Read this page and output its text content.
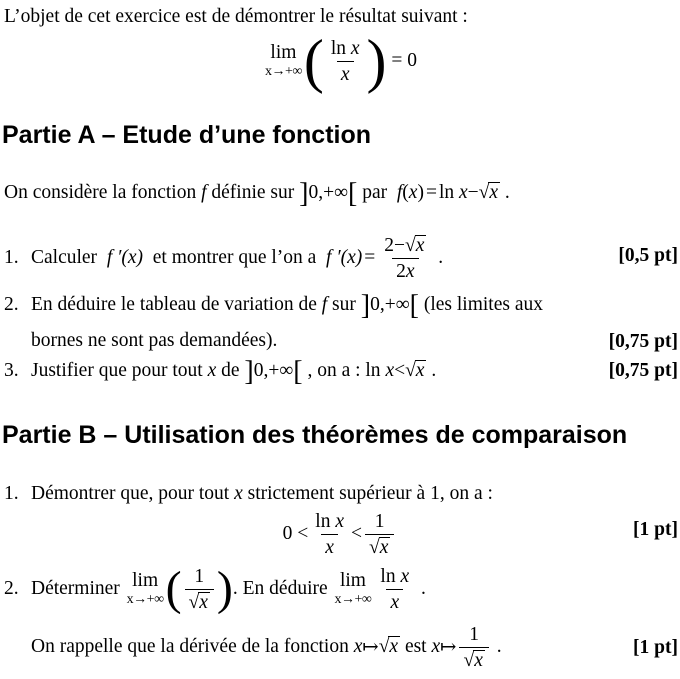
L’objet de cet exercice est de démontrer le résultat suivant :
lim
x→+∞ ( $\frac{\text{ln x}}{x}$ ) = 0
Partie A – Etude d’une fonction
On considère la fonction f définie sur ]0,+∞[ par f ( x ) = ln x − √x .
1. Calculer f ′(x) et montrer que l’on a f $'(x) = \frac{2-√x}{2x}$ .	[0,5 pt]
2. En déduire le tableau de variation de f sur ]0,+∞[ (les limites aux
bornes ne sont pas demandées).	[0,75 pt]
3. Justifier que pour tout x de ]0,+∞[ , on a : ln x < √x .	[0,75 pt]
Partie B – Utilisation des théorèmes de comparaison
1. Démontrer que, pour tout x strictement supérieur à 1, on a :
$0 < \frac{\text{ln x}}{x} < \frac{1}{√x}$	[1 pt]
2. Déterminer lim
x→+∞ ( $\frac{1}{√x}$ ) . En déduire lim
$x\to+\infty \frac{\text{ln x}}{x}$ .
On rappelle que la dérivée de la fonction x ↦ √x est x ↦ $\frac{1}{√x}$ .	[1 pt]
